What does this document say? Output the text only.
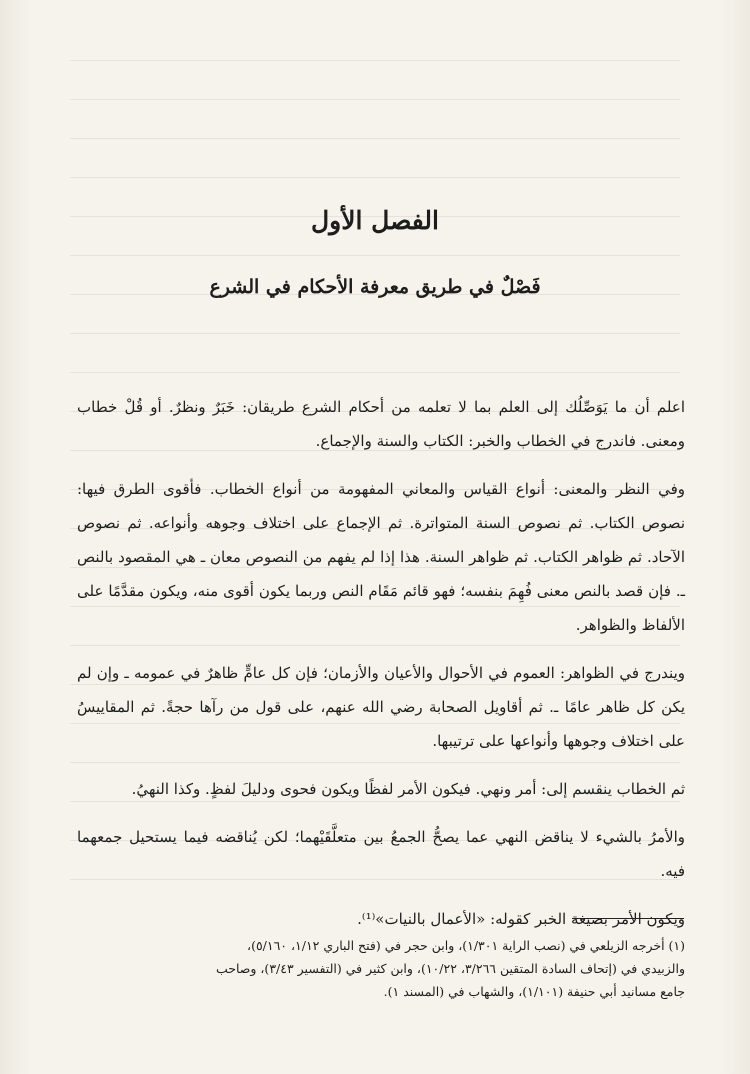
الفصل الأول
فَصْلٌ في طريق معرفة الأحكام في الشرع

اعلم أن ما يَوَصِّلُك إلى العلم بما لا تعلمه من أحكام الشرع طريقان: خَبَرٌ ونظرٌ. أو قُلْ خطاب ومعنى. فاندرج في الخطاب والخبر: الكتاب والسنة والإجماع.

وفي النظر والمعنى: أنواع القياس والمعاني المفهومة من أنواع الخطاب. فأقوى الطرق فيها: نصوص الكتاب. ثم نصوص السنة المتواترة. ثم الإجماع على اختلاف وجوهه وأنواعه. ثم نصوص الآحاد. ثم ظواهر الكتاب. ثم ظواهر السنة. هذا إذا لم يفهم من النصوص معان ـ هي المقصود بالنص ـ. فإن قصد بالنص معنى فُهِمَ بنفسه؛ فهو قائم مَقَام النص وربما يكون أقوى منه، ويكون مقدَّمًا على الألفاظ والظواهر.

ويندرج في الظواهر: العموم في الأحوال والأعيان والأزمان؛ فإن كل عامٍّ ظاهرٌ في عمومه ـ وإن لم يكن كل ظاهر عامًا ـ. ثم أقاويل الصحابة رضي الله عنهم، على قول من رآها حجةً. ثم المقاييسُ على اختلاف وجوهها وأنواعها على ترتيبها.

ثم الخطاب ينقسم إلى: أمر ونهي. فيكون الأمر لفظًا ويكون فحوى ودليلَ لفظٍ. وكذا النهيُ.

والأمرُ بالشيء لا يناقض النهي عما يصحُّ الجمعُ بين متعلَّقَيْهما؛ لكن يُناقضه فيما يستحيل جمعهما فيه.

ويكون الأمر بصيغة الخبر كقوله: «الأعمال بالنيات»⁽¹⁾.

(١) أخرجه الزيلعي في (نصب الراية ١/٣٠١)، وابن حجر في (فتح الباري ١/١٢، ٥/١٦٠)،

والزبيدي في (إتحاف السادة المتقين ٣/٢٦٦، ١٠/٢٢)، وابن كثير في (التفسير ٣/٤٣)، وصاحب

جامع مسانيد أبي حنيفة (١/١٠١)، والشهاب في (المسند ١).
